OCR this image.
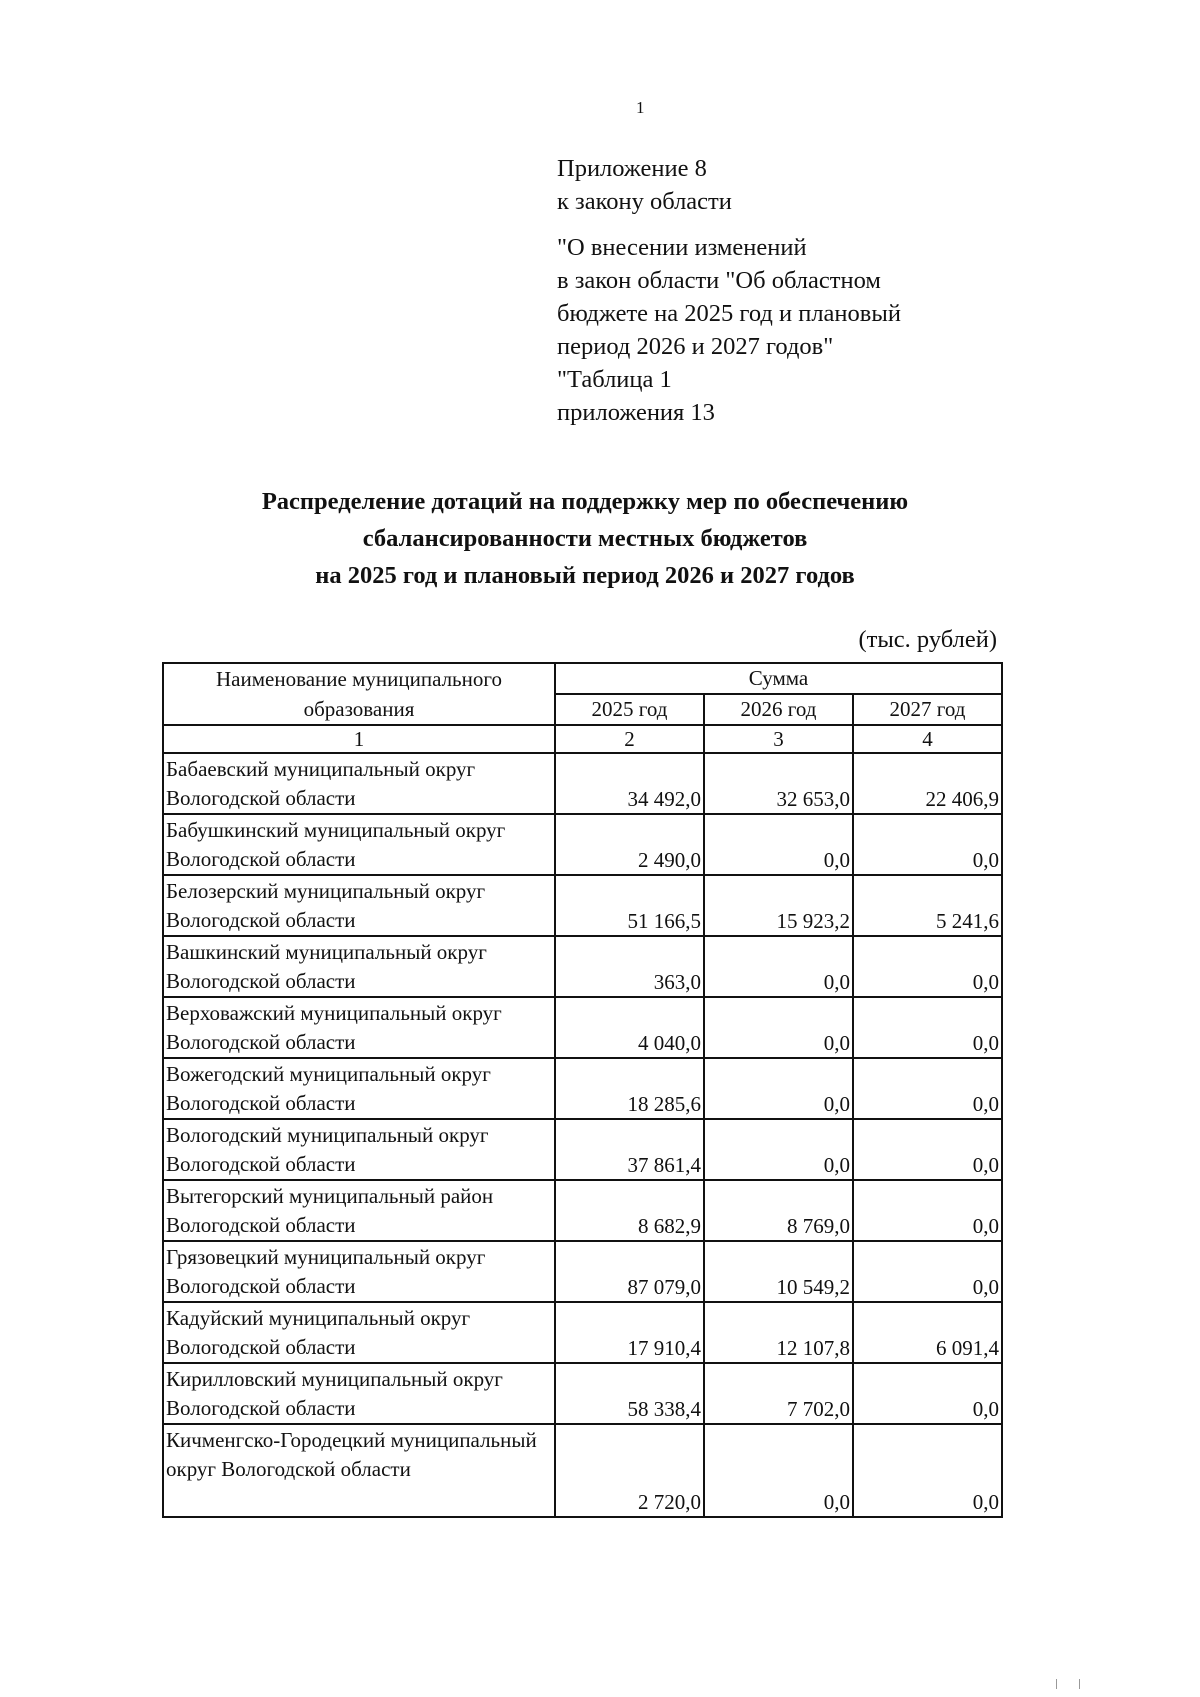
1
Приложение 8
к закону области
"О внесении изменений
в закон области "Об областном
бюджете на 2025 год и плановый
период 2026 и 2027 годов"
"Таблица 1
приложения 13
Распределение дотаций на поддержку мер по обеспечению
сбалансированности местных бюджетов
на 2025 год и плановый период 2026 и 2027 годов
(тыс. рублей)
Наименование муниципального образования	Сумма		
	2025 год	2026 год	2027 год
1	2	3	4
Бабаевский муниципальный округ Вологодской области	34 492,0	32 653,0	22 406,9
Бабушкинский муниципальный округ Вологодской области	2 490,0	0,0	0,0
Белозерский муниципальный округ Вологодской области	51 166,5	15 923,2	5 241,6
Вашкинский муниципальный округ Вологодской области	363,0	0,0	0,0
Верховажский муниципальный округ Вологодской области	4 040,0	0,0	0,0
Вожегодский муниципальный округ Вологодской области	18 285,6	0,0	0,0
Вологодский муниципальный округ Вологодской области	37 861,4	0,0	0,0
Вытегорский муниципальный район Вологодской области	8 682,9	8 769,0	0,0
Грязовецкий муниципальный округ Вологодской области	87 079,0	10 549,2	0,0
Кадуйский муниципальный округ Вологодской области	17 910,4	12 107,8	6 091,4
Кирилловский муниципальный округ Вологодской области	58 338,4	7 702,0	0,0
Кичменгско-Городецкий муниципальный округ Вологодской области	2 720,0	0,0	0,0
